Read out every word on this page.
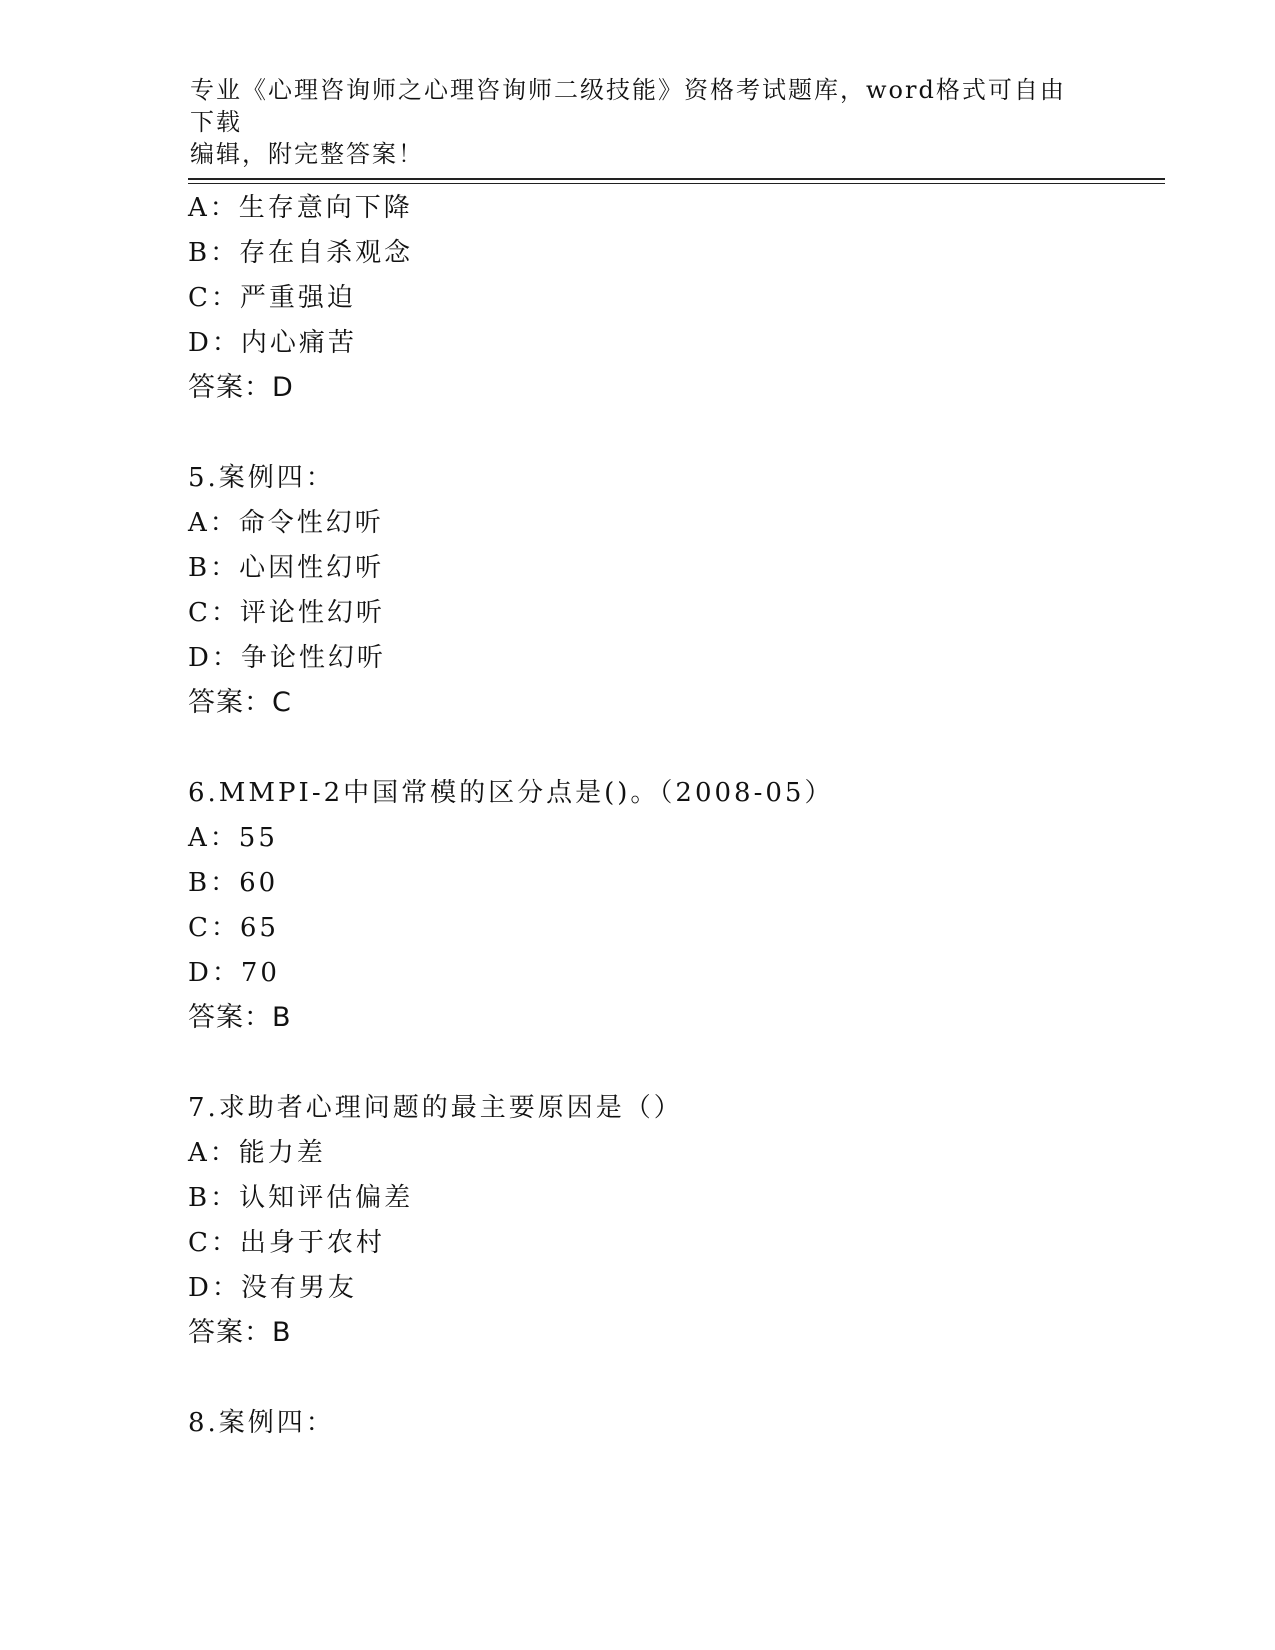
专业《心理咨询师之心理咨询师二级技能》资格考试题库，word格式可自由下载
编辑，附完整答案！
A：生存意向下降
B：存在自杀观念
C：严重强迫
D：内心痛苦
答案：D
5.案例四：
A：命令性幻听
B：心因性幻听
C：评论性幻听
D：争论性幻听
答案：C
6.MMPI-2中国常模的区分点是()。（2008-05）
A：55
B：60
C：65
D：70
答案：B
7.求助者心理问题的最主要原因是（）
A：能力差
B：认知评估偏差
C：出身于农村
D：没有男友
答案：B
8.案例四：
